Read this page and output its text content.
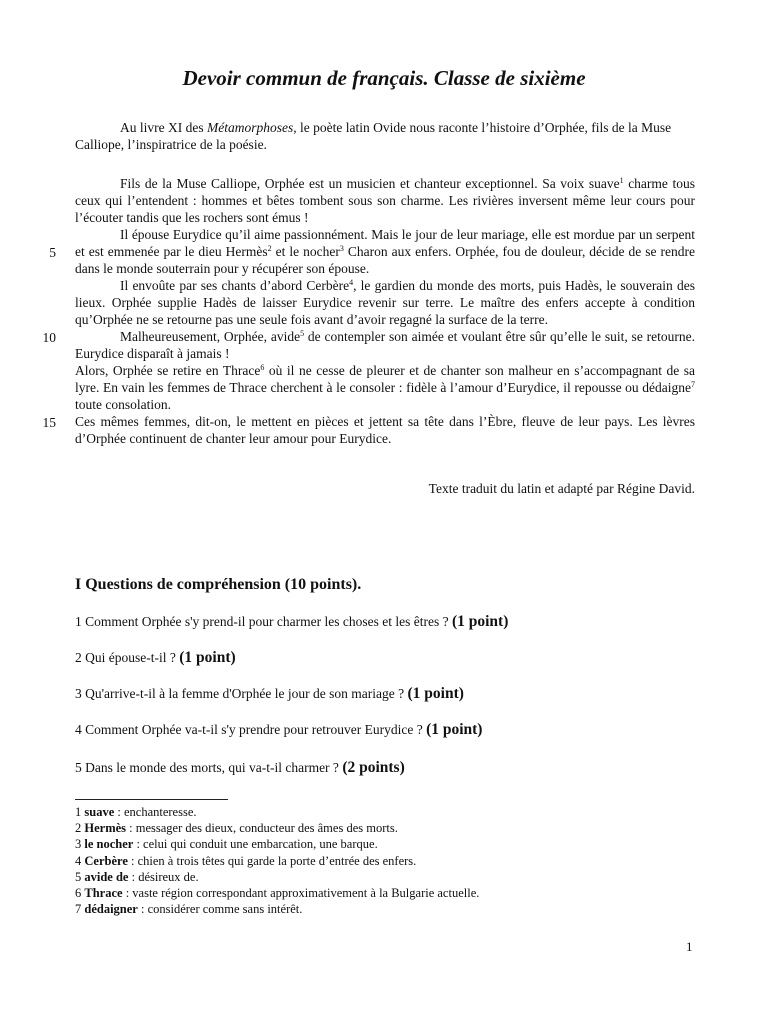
Devoir commun de français. Classe de sixième

Au livre XI des Métamorphoses, le poète latin Ovide nous raconte l’histoire d’Orphée, fils de la Muse Calliope, l’inspiratrice de la poésie.

Fils de la Muse Calliope, Orphée est un musicien et chanteur exceptionnel. Sa voix suave$^1$ charme tous ceux qui l’entendent : hommes et bêtes tombent sous son charme. Les rivières inversent même leur cours pour l’écouter tandis que les rochers sont émus !

Il épouse Eurydice qu’il aime passionnément. Mais le jour de leur mariage, elle est mordue par un serpent et est emmenée par le dieu Hermès$^2$ et le nocher$^3$ Charon aux enfers. Orphée, fou de douleur, décide de se rendre dans le monde souterrain pour y récupérer son épouse.

Il envoûte par ses chants d’abord Cerbère$^4$, le gardien du monde des morts, puis Hadès, le souverain des lieux. Orphée supplie Hadès de laisser Eurydice revenir sur terre. Le maître des enfers accepte à condition qu’Orphée ne se retourne pas une seule fois avant d’avoir regagné la surface de la terre.

Malheureusement, Orphée, avide$^5$ de contempler son aimée et voulant être sûr qu’elle le suit, se retourne. Eurydice disparaît à jamais !

Alors, Orphée se retire en Thrace$^6$ où il ne cesse de pleurer et de chanter son malheur en s’accompagnant de sa lyre. En vain les femmes de Thrace cherchent à le consoler : fidèle à l’amour d’Eurydice, il repousse ou dédaigne$^7$ toute consolation.

Ces mêmes femmes, dit-on, le mettent en pièces et jettent sa tête dans l’Èbre, fleuve de leur pays. Les lèvres d’Orphée continuent de chanter leur amour pour Eurydice.

5
10
15

Texte traduit du latin et adapté par Régine David.

I Questions de compréhension (10 points).

1 Comment Orphée s'y prend-il pour charmer les choses et les êtres ? (1 point)

2 Qui épouse-t-il ? (1 point)

3 Qu'arrive-t-il à la femme d'Orphée le jour de son mariage ? (1 point)

4 Comment Orphée va-t-il s'y prendre pour retrouver Eurydice ? (1 point)

5 Dans le monde des morts, qui va-t-il charmer ? (2 points)

1 suave : enchanteresse.
2 Hermès : messager des dieux, conducteur des âmes des morts.
3 le nocher : celui qui conduit une embarcation, une barque.
4 Cerbère : chien à trois têtes qui garde la porte d’entrée des enfers.
5 avide de : désireux de.
6 Thrace : vaste région correspondant approximativement à la Bulgarie actuelle.
7 dédaigner : considérer comme sans intérêt.
1
